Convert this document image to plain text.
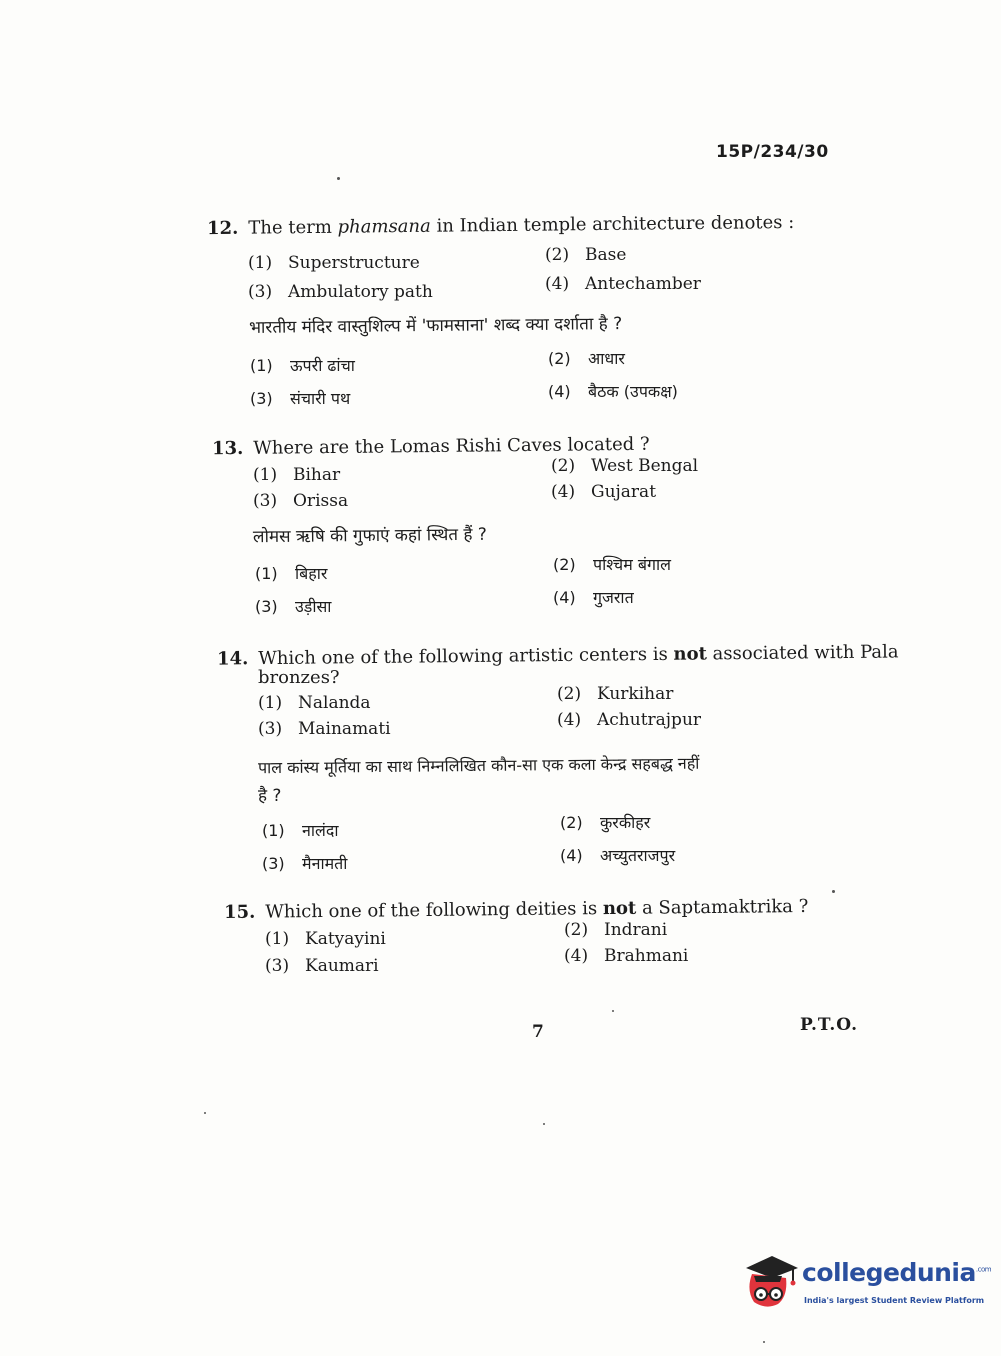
15P/234/30
12. The term phamsana in Indian temple architecture denotes :
(1) Superstructure	(2) Base
(3) Ambulatory path	(4) Antechamber
भारतीय मंदिर वास्तुशिल्प में 'फामसाना' शब्द क्या दर्शाता है ?
(1) ऊपरी ढांचा	(2) आधार
(3) संचारी पथ	(4) बैठक (उपकक्ष)
13. Where are the Lomas Rishi Caves located ?
(1) Bihar	(2) West Bengal
(3) Orissa	(4) Gujarat
लोमस ऋषि की गुफाएं कहां स्थित हैं ?
(1) बिहार	(2) पश्चिम बंगाल
(3) उड़ीसा	(4) गुजरात
14. Which one of the following artistic centers is not associated with Pala
bronzes?
(1) Nalanda	(2) Kurkihar
(3) Mainamati	(4) Achutrajpur
पाल कांस्य मूर्तिया का साथ निम्नलिखित कौन-सा एक कला केन्द्र सहबद्ध नहीं
है ?
(1) नालंदा	(2) कुरकीहर
(3) मैनामती	(4) अच्युतराजपुर
15. Which one of the following deities is not a Saptamaktrika ?
(1) Katyayini	(2) Indrani
(3) Kaumari	(4) Brahmani
7	P.T.O.
collegedunia$^{.com}$
India's largest Student Review Platform
